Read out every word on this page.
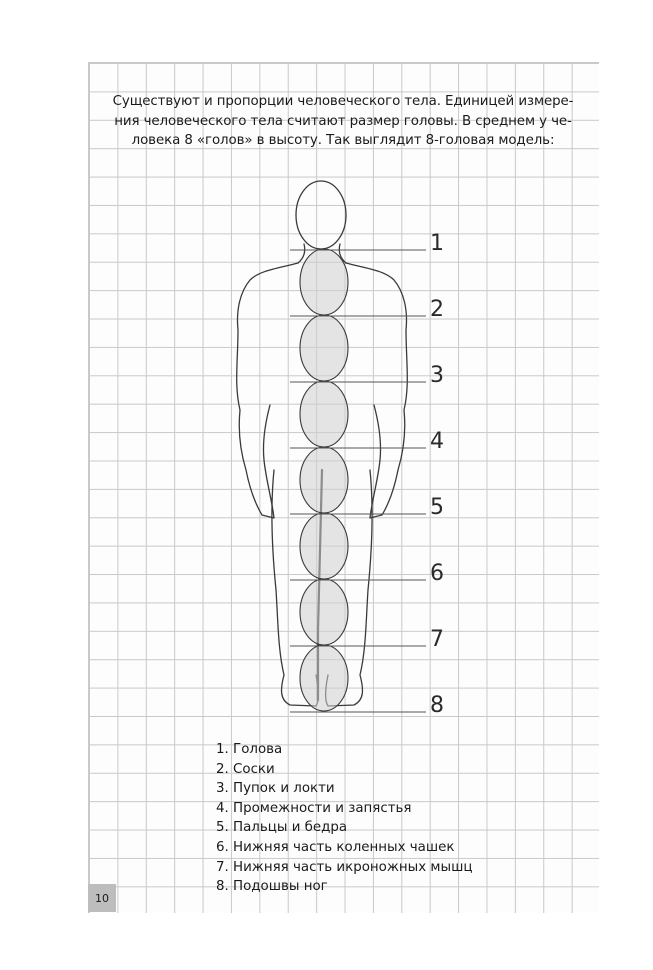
Существуют и пропорции человеческого тела. Единицей измере-
ния человеческого тела считают размер головы. В среднем у че-
ловека 8 «голов» в высоту. Так выглядит 8-головая модель:

1
2
3
4
5
6
7
8
1. Голова
2. Соски
3. Пупок и локти
4. Промежности и запястья
5. Пальцы и бедра
6. Нижняя часть коленных чашек
7. Нижняя часть икроножных мышц
8. Подошвы ног
10
